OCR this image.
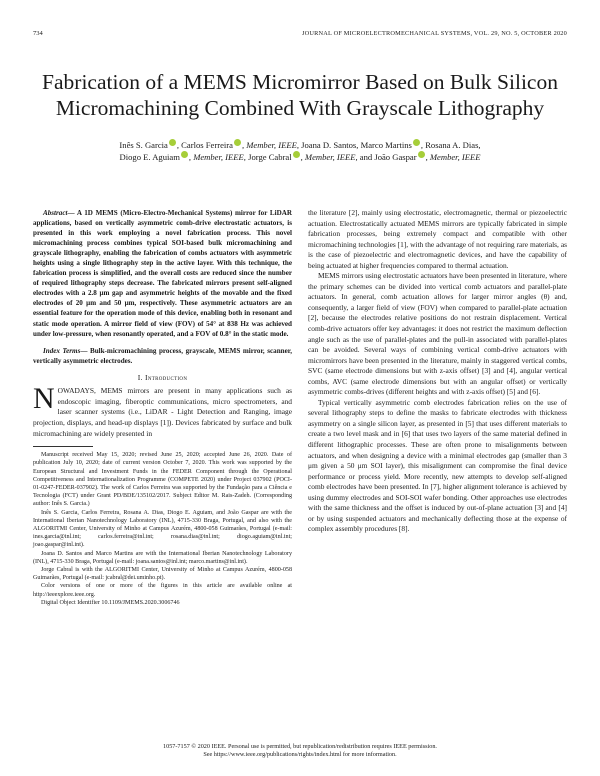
734	JOURNAL OF MICROELECTROMECHANICAL SYSTEMS, VOL. 29, NO. 5, OCTOBER 2020
Fabrication of a MEMS Micromirror Based on Bulk Silicon Micromachining Combined With Grayscale Lithography
Inês S. Garcia , Carlos Ferreira , Member, IEEE, Joana D. Santos, Marco Martins , Rosana A. Dias,
Diogo E. Aguiam , Member, IEEE, Jorge Cabral , Member, IEEE, and João Gaspar , Member, IEEE

Abstract— A 1D MEMS (Micro-Electro-Mechanical Systems) mirror for LiDAR applications, based on vertically asymmetric comb-drive electrostatic actuators, is presented in this work employing a novel fabrication process. This novel micromachining process combines typical SOI-based bulk micromachining and grayscale lithography, enabling the fabrication of combs actuators with asymmetric heights using a single lithography step in the active layer. With this technique, the fabrication process is simplified, and the overall costs are reduced since the number of required lithography steps decrease. The fabricated mirrors present self-aligned electrodes with a 2.8 μm gap and asymmetric heights of the movable and the fixed electrodes of 20 μm and 50 μm, respectively. These asymmetric actuators are an essential feature for the operation mode of this device, enabling both in resonant and static mode operation. A mirror field of view (FOV) of 54° at 838 Hz was achieved under low-pressure, when resonantly operated, and a FOV of 0.8° in the static mode.

Index Terms— Bulk-micromachining process, grayscale, MEMS mirror, scanner, vertically asymmetric electrodes.

I. Introduction

NOWADAYS, MEMS mirrors are present in many applications such as endoscopic imaging, fiberoptic communications, micro spectrometers, and laser scanner systems (i.e., LiDAR - Light Detection and Ranging, image projection, displays, and head-up displays [1]). Devices fabricated by surface and bulk micromachining are widely presented in

Manuscript received May 15, 2020; revised June 25, 2020; accepted June 26, 2020. Date of publication July 10, 2020; date of current version October 7, 2020. This work was supported by the European Structural and Investment Funds in the FEDER Component through the Operational Competitiveness and Internationalization Programme (COMPETE 2020) under Project 037902 (POCI-01-0247-FEDER-037902). The work of Carlos Ferreira was supported by the Fundação para a Ciência e Tecnologia (FCT) under Grant PD/BDE/135102/2017. Subject Editor M. Rais-Zadeh. (Corresponding author: Inês S. Garcia.)

Inês S. Garcia, Carlos Ferreira, Rosana A. Dias, Diogo E. Aguiam, and João Gaspar are with the International Iberian Nanotechnology Laboratory (INL), 4715-330 Braga, Portugal, and also with the ALGORITMI Center, University of Minho at Campus Azurém, 4800-058 Guimarães, Portugal (e-mail: ines.garcia@inl.int; carlos.ferreira@inl.int; rosana.dias@inl.int; diogo.aguiam@inl.int; joao.gaspar@inl.int).

Joana D. Santos and Marco Martins are with the International Iberian Nanotechnology Laboratory (INL), 4715-330 Braga, Portugal (e-mail: joana.santos@inl.int; marco.martins@inl.int).

Jorge Cabral is with the ALGORITMI Center, University of Minho at Campus Azurém, 4800-058 Guimarães, Portugal (e-mail: jcabral@dei.uminho.pt).

Color versions of one or more of the figures in this article are available online at http://ieeexplore.ieee.org.

Digital Object Identifier 10.1109/JMEMS.2020.3006746

the literature [2], mainly using electrostatic, electromagnetic, thermal or piezoelectric actuation. Electrostatically actuated MEMS mirrors are typically fabricated in simple fabrication processes, being extremely compact and compatible with other micromachining technologies [1], with the advantage of not requiring rare materials, as is the case of piezoelectric and electromagnetic devices, and have the capability of being actuated at higher frequencies compared to thermal actuation.

MEMS mirrors using electrostatic actuators have been presented in literature, where the primary schemes can be divided into vertical comb actuators and parallel-plate actuators. In general, comb actuation allows for larger mirror angles (θ) and, consequently, a larger field of view (FOV) when compared to parallel-plate actuation [2], because the electrodes relative positions do not restrain displacement. Vertical comb-drive actuators offer key advantages: it does not restrict the maximum deflection angle such as the use of parallel-plates and the pull-in associated with parallel-plates can be avoided. Several ways of combining vertical comb-drive actuators with micromirrors have been presented in the literature, mainly in staggered vertical combs, SVC (same electrode dimensions but with z-axis offset) [3] and [4], angular vertical combs, AVC (same electrode dimensions but with an angular offset) or vertically asymmetric combs-drives (different heights and with z-axis offset) [5] and [6].

Typical vertically asymmetric comb electrodes fabrication relies on the use of several lithography steps to define the masks to fabricate electrodes with thickness asymmetry on a single silicon layer, as presented in [5] that uses different materials to create a two level mask and in [6] that uses two layers of the same material defined in different lithographic processes. These are often prone to misalignments between actuators, and when designing a device with a minimal electrodes gap (smaller than 3 μm given a 50 μm SOI layer), this misalignment can compromise the final device performance or process yield. More recently, new attempts to develop self-aligned comb electrodes have been presented. In [7], higher alignment tolerance is achieved by using dummy electrodes and SOI-SOI wafer bonding. Other approaches use electrodes with the same thickness and the offset is induced by out-of-plane actuation [3] and [4] or by using suspended actuators and mechanically deflecting those at the expense of complex assembly procedures [8].

1057-7157 © 2020 IEEE. Personal use is permitted, but republication/redistribution requires IEEE permission.
See https://www.ieee.org/publications/rights/index.html for more information.
